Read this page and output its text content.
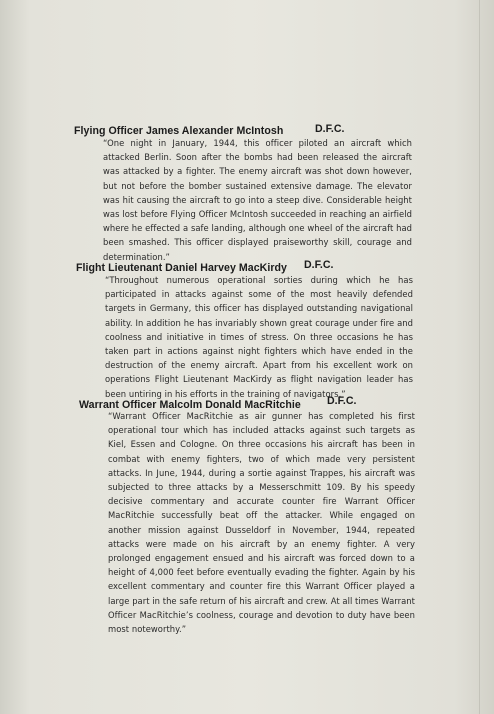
Flying Officer James Alexander McIntosh	D.F.C.

“One night in January, 1944, this officer piloted an aircraft which attacked Berlin. Soon after the bombs had been released the aircraft was attacked by a fighter. The enemy aircraft was shot down however, but not before the bomber sustained extensive damage. The elevator was hit causing the aircraft to go into a steep dive. Considerable height was lost before Flying Officer McIntosh succeeded in reaching an airfield where he effected a safe landing, although one wheel of the aircraft had been smashed. This officer displayed praiseworthy skill, courage and determination.”

Flight Lieutenant Daniel Harvey MacKirdy D.F.C.

“Throughout numerous operational sorties during which he has participated in attacks against some of the most heavily defended targets in Germany, this officer has displayed outstanding navigational ability. In addition he has invariably shown great courage under fire and coolness and initiative in times of stress. On three occasions he has taken part in actions against night fighters which have ended in the destruction of the enemy aircraft. Apart from his excellent work on operations Flight Lieutenant MacKirdy as flight navigation leader has been untiring in his efforts in the training of navigators.”

Warrant Officer Malcolm Donald MacRitchie D.F.C.

“Warrant Officer MacRitchie as air gunner has completed his first operational tour which has included attacks against such targets as Kiel, Essen and Cologne. On three occasions his aircraft has been in combat with enemy fighters, two of which made very persistent attacks. In June, 1944, during a sortie against Trappes, his aircraft was subjected to three attacks by a Messerschmitt 109. By his speedy decisive commentary and accurate counter fire Warrant Officer MacRitchie successfully beat off the attacker. While engaged on another mission against Dusseldorf in November, 1944, repeated attacks were made on his aircraft by an enemy fighter. A very prolonged engagement ensued and his aircraft was forced down to a height of 4,000 feet before eventually evading the fighter. Again by his excellent commentary and counter fire this Warrant Officer played a large part in the safe return of his aircraft and crew. At all times Warrant Officer MacRitchie’s coolness, courage and devotion to duty have been most noteworthy.”
